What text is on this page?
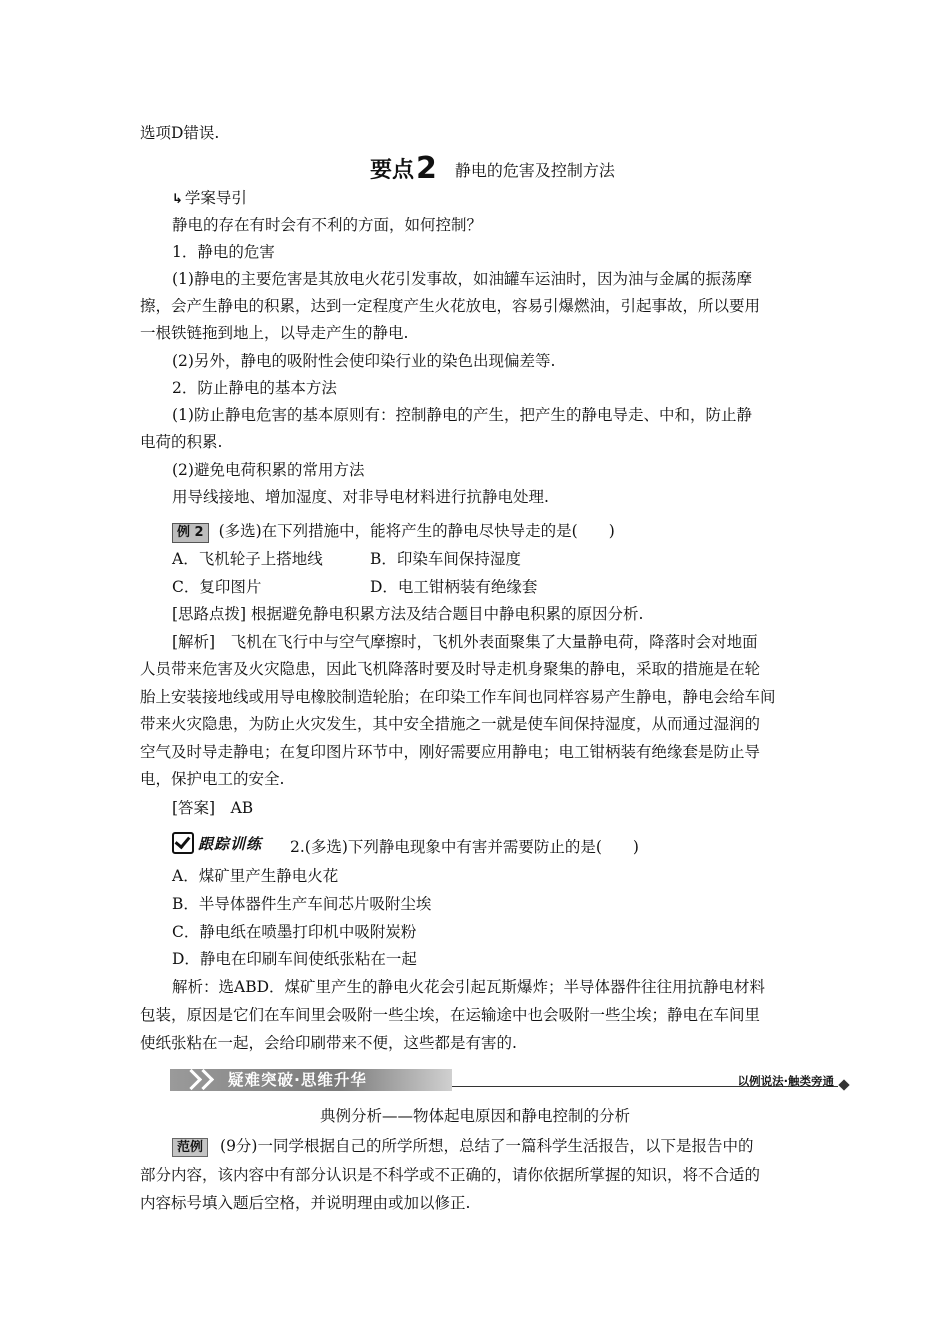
选项D错误.
要点 2 静电的危害及控制方法
↳ 学案导引
静电的存在有时会有不利的方面，如何控制？
1．静电的危害
(1)静电的主要危害是其放电火花引发事故，如油罐车运油时，因为油与金属的振荡摩
擦，会产生静电的积累，达到一定程度产生火花放电，容易引爆燃油，引起事故，所以要用
一根铁链拖到地上，以导走产生的静电.
(2)另外，静电的吸附性会使印染行业的染色出现偏差等.
2．防止静电的基本方法
(1)防止静电危害的基本原则有：控制静电的产生，把产生的静电导走、中和，防止静
电荷的积累.
(2)避免电荷积累的常用方法
用导线接地、增加湿度、对非导电材料进行抗静电处理.
例 2 (多选)在下列措施中，能将产生的静电尽快导走的是(　　)
A．飞机轮子上搭地线	B．印染车间保持湿度
C．复印图片	D．电工钳柄装有绝缘套
[思路点拨] 根据避免静电积累方法及结合题目中静电积累的原因分析.
[解析]　飞机在飞行中与空气摩擦时，飞机外表面聚集了大量静电荷，降落时会对地面
人员带来危害及火灾隐患，因此飞机降落时要及时导走机身聚集的静电，采取的措施是在轮
胎上安装接地线或用导电橡胶制造轮胎；在印染工作车间也同样容易产生静电，静电会给车间
带来火灾隐患，为防止火灾发生，其中安全措施之一就是使车间保持湿度，从而通过湿润的
空气及时导走静电；在复印图片环节中，刚好需要应用静电；电工钳柄装有绝缘套是防止导
电，保护电工的安全.
[答案]　AB
跟踪训练 2.(多选)下列静电现象中有害并需要防止的是(　　)
A．煤矿里产生静电火花
B．半导体器件生产车间芯片吸附尘埃
C．静电纸在喷墨打印机中吸附炭粉
D．静电在印刷车间使纸张粘在一起
解析：选ABD．煤矿里产生的静电火花会引起瓦斯爆炸；半导体器件往往用抗静电材料
包装，原因是它们在车间里会吸附一些尘埃，在运输途中也会吸附一些尘埃；静电在车间里
使纸张粘在一起，会给印刷带来不便，这些都是有害的.
疑难突破·思维升华	以例说法·触类旁通
典例分析——物体起电原因和静电控制的分析
范例 (9分)一同学根据自己的所学所想，总结了一篇科学生活报告，以下是报告中的
部分内容，该内容中有部分认识是不科学或不正确的，请你依据所掌握的知识，将不合适的
内容标号填入题后空格，并说明理由或加以修正.
